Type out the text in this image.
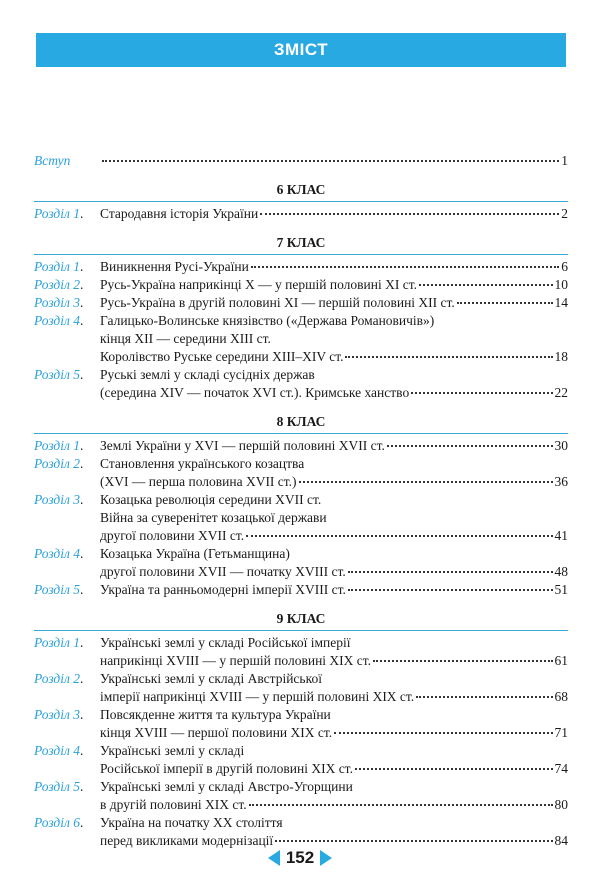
ЗМІСТ
Вступ	1
6 КЛАС
Розділ 1.	Стародавня історія України	2
7 КЛАС
Розділ 1.	Виникнення Русі-України	6
Розділ 2.	Русь-Україна наприкінці X — у першій половині XI ст.	10
Розділ 3.	Русь-Україна в другій половині XI — першій половині XII ст.	14
Розділ 4.	Галицько-Волинське князівство («Держава Романовичів»)
кінця XII — середини XIII ст.
Королівство Руське середини XIII–XIV ст.	18
Розділ 5.	Руські землі у складі сусідніх держав
(середина XIV — початок XVI ст.). Кримське ханство	22
8 КЛАС
Розділ 1.	Землі України у XVI — першій половині XVII ст.	30
Розділ 2.	Становлення українського козацтва
(XVI — перша половина XVII ст.)	36
Розділ 3.	Козацька революція середини XVII ст.
Війна за суверенітет козацької держави
другої половини XVII ст.	41
Розділ 4.	Козацька Україна (Гетьманщина)
другої половини XVII — початку XVIII ст.	48
Розділ 5.	Україна та ранньомодерні імперії XVIII ст.	51
9 КЛАС
Розділ 1.	Українські землі у складі Російської імперії
наприкінці XVIII — у першій половині XIX ст.	61
Розділ 2.	Українські землі у складі Австрійської
імперії наприкінці XVIII — у першій половині XIX ст.	68
Розділ 3.	Повсякденне життя та культура України
кінця XVIII — першої половини XIX ст.	71
Розділ 4.	Українські землі у складі
Російської імперії в другій половині XIX ст.	74
Розділ 5.	Українські землі у складі Австро-Угорщини
в другій половині XIX ст.	80
Розділ 6.	Україна на початку XX століття
перед викликами модернізації	84
152
